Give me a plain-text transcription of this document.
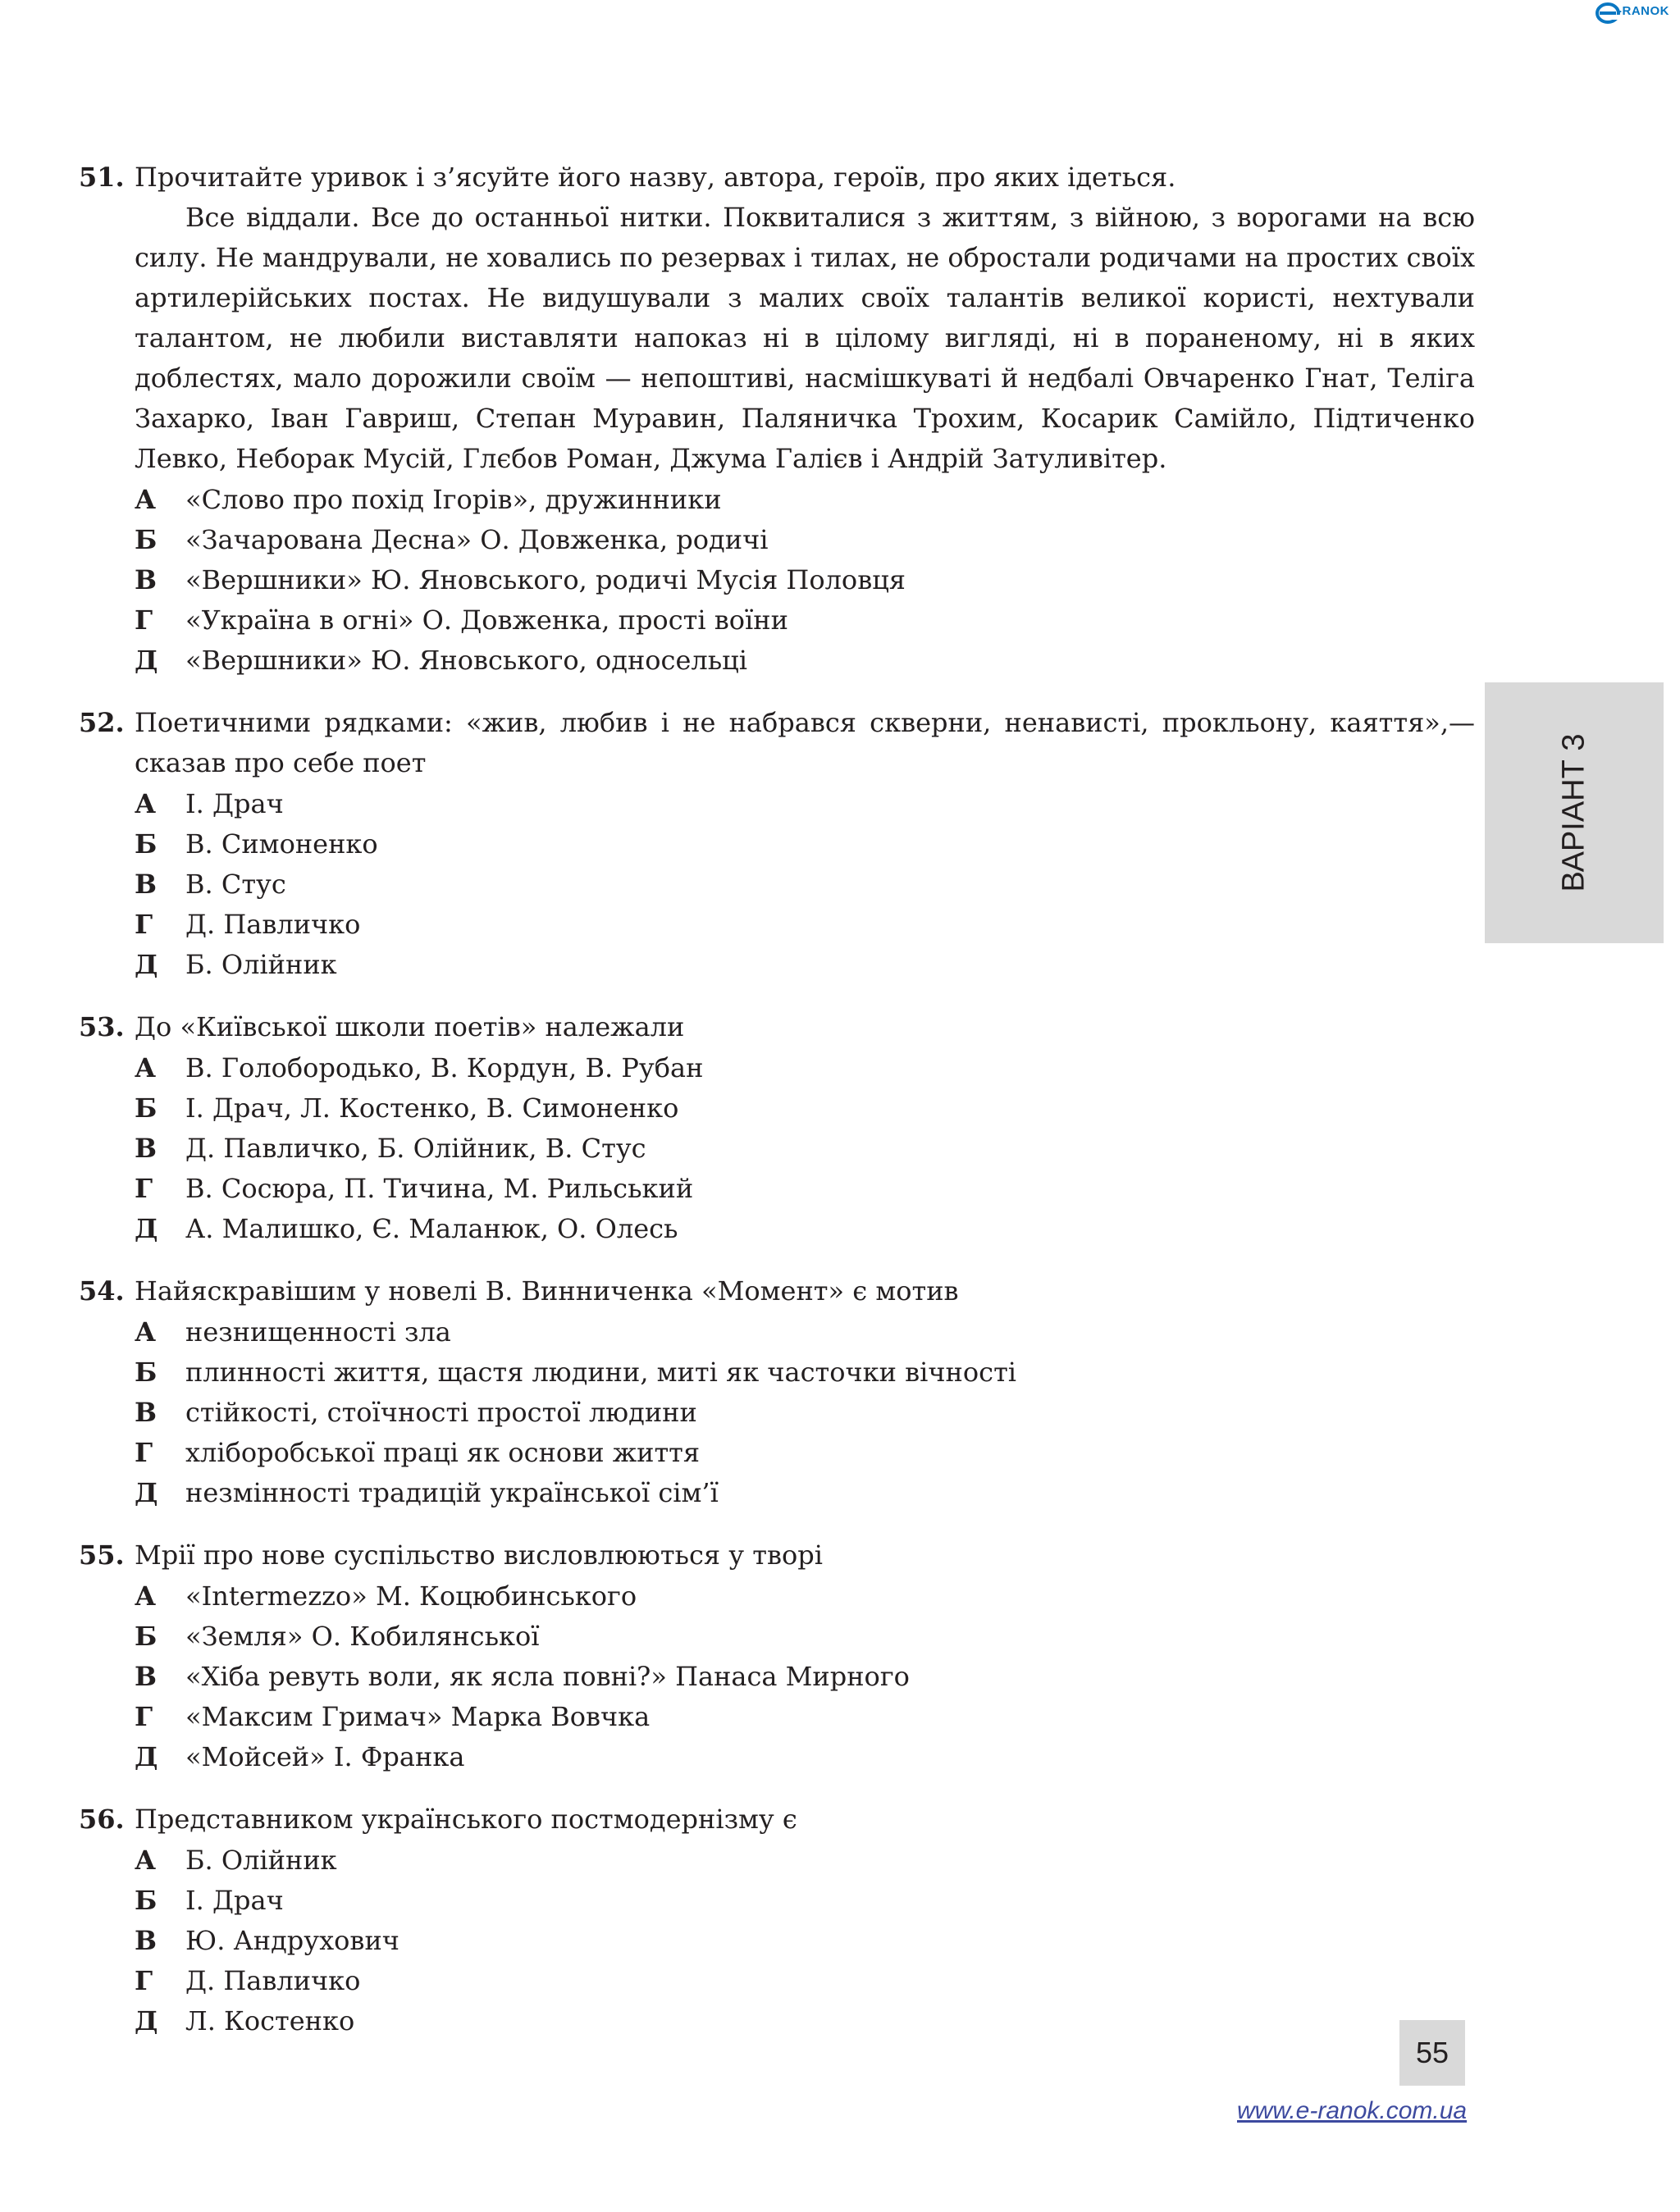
-RANOK
51. Прочитайте уривок і з’ясуйте його назву, автора, героїв, про яких ідеться.
Все віддали. Все до останньої нитки. Поквиталися з життям, з війною, з ворогами на всю силу. Не мандрували, не ховались по резервах і тилах, не обростали родичами на простих своїх артилерійських постах. Не видушували з малих своїх талантів великої користі, нехтували талантом, не любили виставляти напоказ ні в цілому вигляді, ні в пораненому, ні в яких доблестях, мало дорожили своїм — непоштиві, насмішкуваті й недбалі Овчаренко Гнат, Теліга Захарко, Іван Гавриш, Степан Муравин, Паляничка Трохим, Косарик Самійло, Підтиченко Левко, Неборак Мусій, Глєбов Роман, Джума Галієв і Андрій Затуливітер.
А «Слово про похід Ігорів», дружинники
Б «Зачарована Десна» О. Довженка, родичі
В «Вершники» Ю. Яновського, родичі Мусія Половця
Г «Україна в огні» О. Довженка, прості воїни
Д «Вершники» Ю. Яновського, односельці
52. Поетичними рядками: «жив, любив і не набрався скверни, ненависті, прокльону, каяття»,— сказав про себе поет
А І. Драч
Б В. Симоненко
В В. Стус
Г Д. Павличко
Д Б. Олійник
53. До «Київської школи поетів» належали
А В. Голобородько, В. Кордун, В. Рубан
Б І. Драч, Л. Костенко, В. Симоненко
В Д. Павличко, Б. Олійник, В. Стус
Г В. Сосюра, П. Тичина, М. Рильський
Д А. Малишко, Є. Маланюк, О. Олесь
54. Найяскравішим у новелі В. Винниченка «Момент» є мотив
А незнищенності зла
Б плинності життя, щастя людини, миті як часточки вічності
В стійкості, стоїчності простої людини
Г хліборобської праці як основи життя
Д незмінності традицій української сім’ї
55. Мрії про нове суспільство висловлюються у творі
А «Intermezzo» М. Коцюбинського
Б «Земля» О. Кобилянської
В «Хіба ревуть воли, як ясла повні?» Панаса Мирного
Г «Максим Гримач» Марка Вовчка
Д «Мойсей» І. Франка
56. Представником українського постмодернізму є
А Б. Олійник
Б І. Драч
В Ю. Андрухович
Г Д. Павличко
Д Л. Костенко
ВАРІАНТ 3
55
www.e-ranok.com.ua
